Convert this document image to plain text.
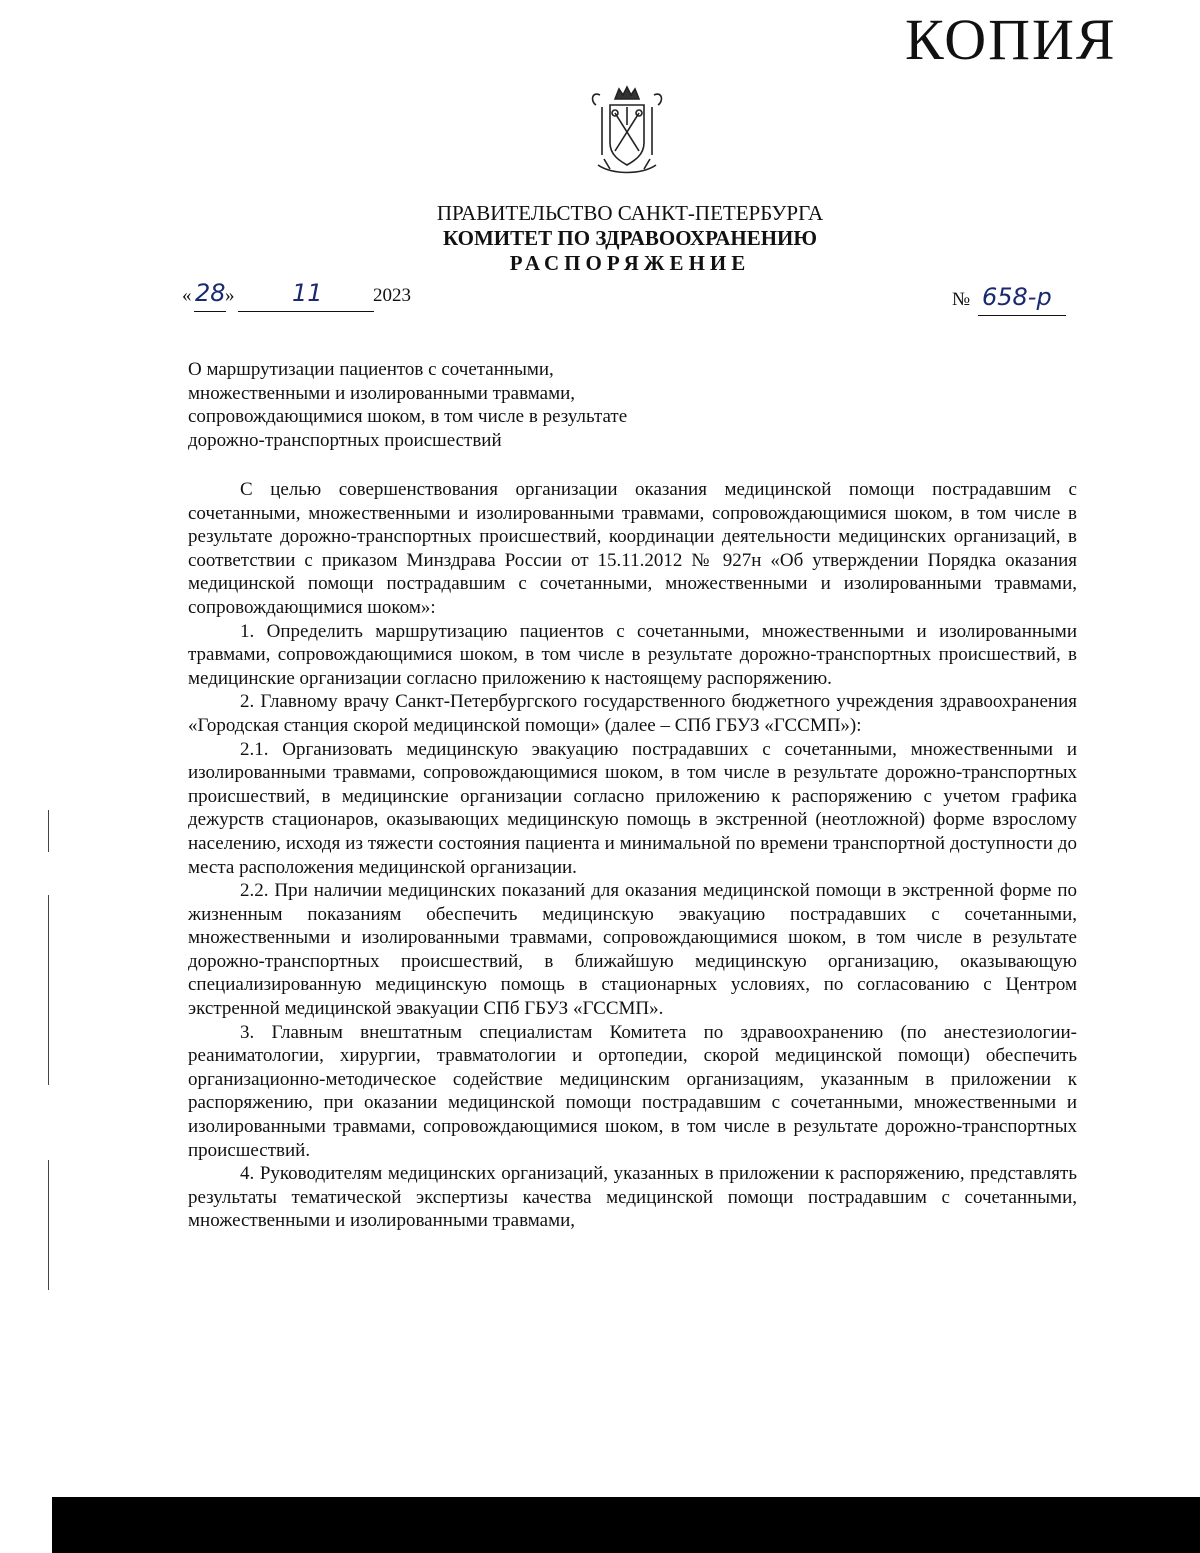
КОПИЯ
ПРАВИТЕЛЬСТВО САНКТ-ПЕТЕРБУРГА
КОМИТЕТ ПО ЗДРАВООХРАНЕНИЮ
РАСПОРЯЖЕНИЕ
« 28 » 11	2023	№ 658-р
О маршрутизации пациентов с сочетанными,
множественными и изолированными травмами,
сопровождающимися шоком, в том числе в результате
дорожно-транспортных происшествий

С целью совершенствования организации оказания медицинской помощи пострадавшим с сочетанными, множественными и изолированными травмами, сопровождающимися шоком, в том числе в результате дорожно-транспортных происшествий, координации деятельности медицинских организаций, в соответствии с приказом Минздрава России от 15.11.2012 № 927н «Об утверждении Порядка оказания медицинской помощи пострадавшим с сочетанными, множественными и изолированными травмами, сопровождающимися шоком»:

1. Определить маршрутизацию пациентов с сочетанными, множественными и изолированными травмами, сопровождающимися шоком, в том числе в результате дорожно-транспортных происшествий, в медицинские организации согласно приложению к настоящему распоряжению.

2. Главному врачу Санкт-Петербургского государственного бюджетного учреждения здравоохранения «Городская станция скорой медицинской помощи» (далее – СПб ГБУЗ «ГССМП»):

2.1. Организовать медицинскую эвакуацию пострадавших с сочетанными, множественными и изолированными травмами, сопровождающимися шоком, в том числе в результате дорожно-транспортных происшествий, в медицинские организации согласно приложению к распоряжению с учетом графика дежурств стационаров, оказывающих медицинскую помощь в экстренной (неотложной) форме взрослому населению, исходя из тяжести состояния пациента и минимальной по времени транспортной доступности до места расположения медицинской организации.

2.2. При наличии медицинских показаний для оказания медицинской помощи в экстренной форме по жизненным показаниям обеспечить медицинскую эвакуацию пострадавших с сочетанными, множественными и изолированными травмами, сопровождающимися шоком, в том числе в результате дорожно-транспортных происшествий, в ближайшую медицинскую организацию, оказывающую специализированную медицинскую помощь в стационарных условиях, по согласованию с Центром экстренной медицинской эвакуации СПб ГБУЗ «ГССМП».

3. Главным внештатным специалистам Комитета по здравоохранению (по анестезиологии-реаниматологии, хирургии, травматологии и ортопедии, скорой медицинской помощи) обеспечить организационно-методическое содействие медицинским организациям, указанным в приложении к распоряжению, при оказании медицинской помощи пострадавшим с сочетанными, множественными и изолированными травмами, сопровождающимися шоком, в том числе в результате дорожно-транспортных происшествий.

4. Руководителям медицинских организаций, указанных в приложении к распоряжению, представлять результаты тематической экспертизы качества медицинской помощи пострадавшим с сочетанными, множественными и изолированными травмами,
